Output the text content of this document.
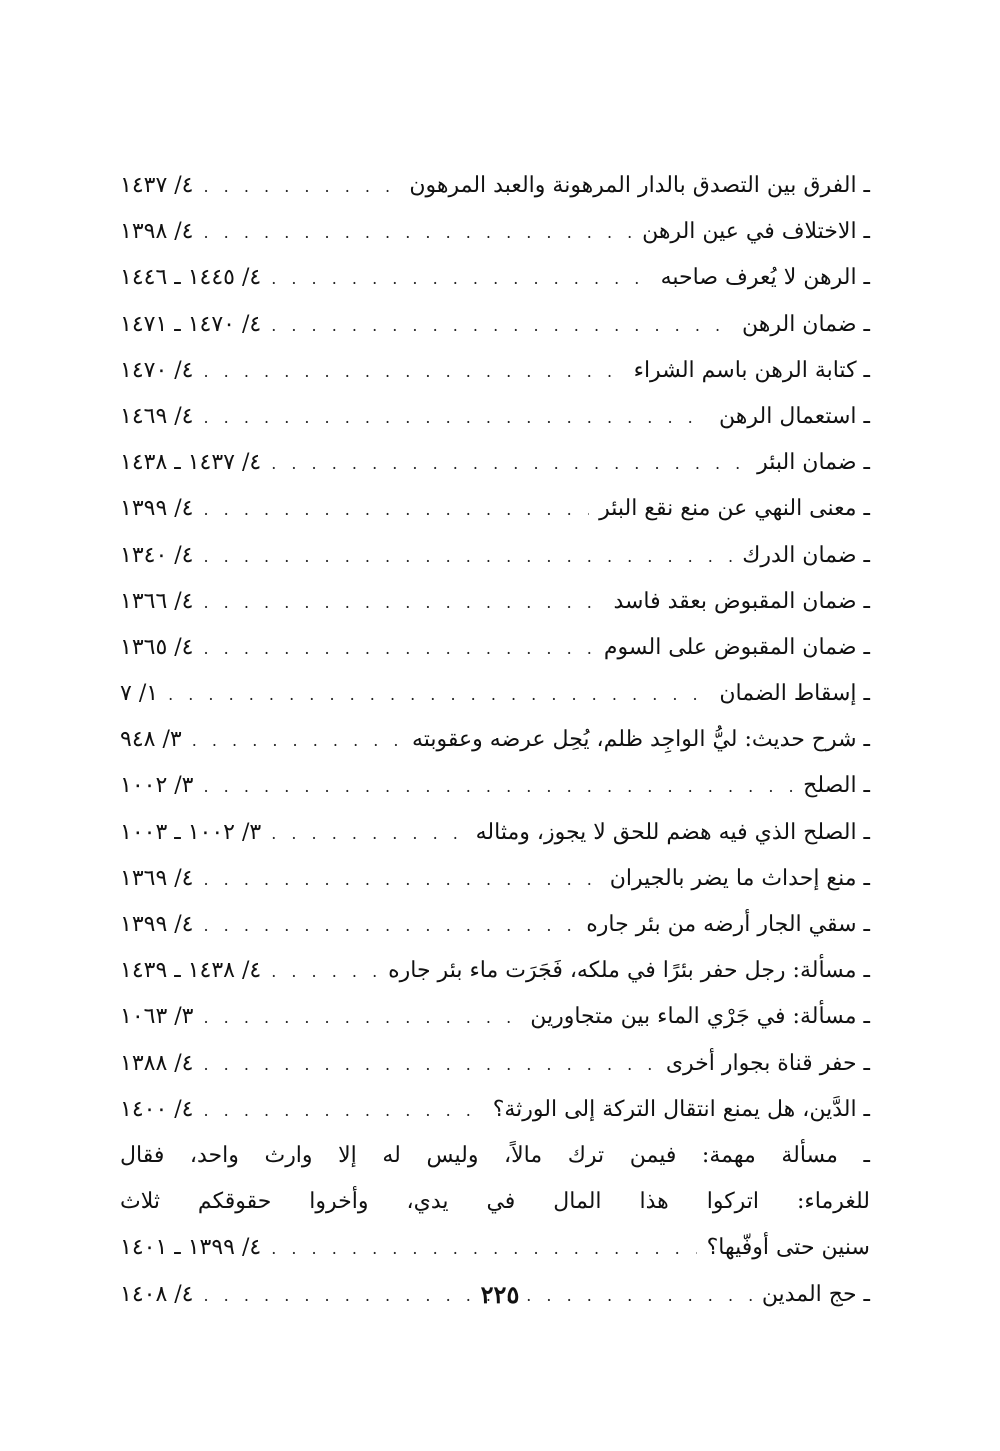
ـ الفرق بين التصدق بالدار المرهونة والعبد المرهون
. . .
٤/ ١٤٣٧
ـ الاختلاف في عين الرهن
. . .
٤/ ١٣٩٨
ـ الرهن لا يُعرف صاحبه
. . .
٤/ ١٤٤٥ ـ ١٤٤٦
ـ ضمان الرهن
. . .
٤/ ١٤٧٠ ـ ١٤٧١
ـ كتابة الرهن باسم الشراء
. . .
٤/ ١٤٧٠
ـ استعمال الرهن
. . .
٤/ ١٤٦٩
ـ ضمان البئر
. . .
٤/ ١٤٣٧ ـ ١٤٣٨
ـ معنى النهي عن منع نقع البئر
. . .
٤/ ١٣٩٩
ـ ضمان الدرك
. . .
٤/ ١٣٤٠
ـ ضمان المقبوض بعقد فاسد
. . .
٤/ ١٣٦٦
ـ ضمان المقبوض على السوم
. . .
٤/ ١٣٦٥
ـ إسقاط الضمان
. . .
١/ ٧
ـ شرح حديث: ليُّ الواجِد ظلم، يُحِل عرضه وعقوبته
. . .
٣/ ٩٤٨
ـ الصلح
. . .
٣/ ١٠٠٢
ـ الصلح الذي فيه هضم للحق لا يجوز، ومثاله
. . .
٣/ ١٠٠٢ ـ ١٠٠٣
ـ منع إحداث ما يضر بالجيران
. . .
٤/ ١٣٦٩
ـ سقي الجار أرضه من بئر جاره
. . .
٤/ ١٣٩٩
ـ مسألة: رجل حفر بئرًا في ملكه، فَجَرَت ماء بئر جاره
. . .
٤/ ١٤٣٨ ـ ١٤٣٩
ـ مسألة: في جَرْي الماء بين متجاورين
. . .
٣/ ١٠٦٣
ـ حفر قناة بجوار أخرى
. . .
٤/ ١٣٨٨
ـ الدَّين، هل يمنع انتقال التركة إلى الورثة؟
. . .
٤/ ١٤٠٠
ـ مسألة مهمة: فيمن ترك مالاً، وليس له إلا وارث واحد، فقال
للغرماء: اتركوا هذا المال في يدي، وأخروا حقوقكم ثلاث
سنين حتى أوفّيها؟
. . .
٤/ ١٣٩٩ ـ ١٤٠١
ـ حج المدين
. . .
٤/ ١٤٠٨	٢٢٥
